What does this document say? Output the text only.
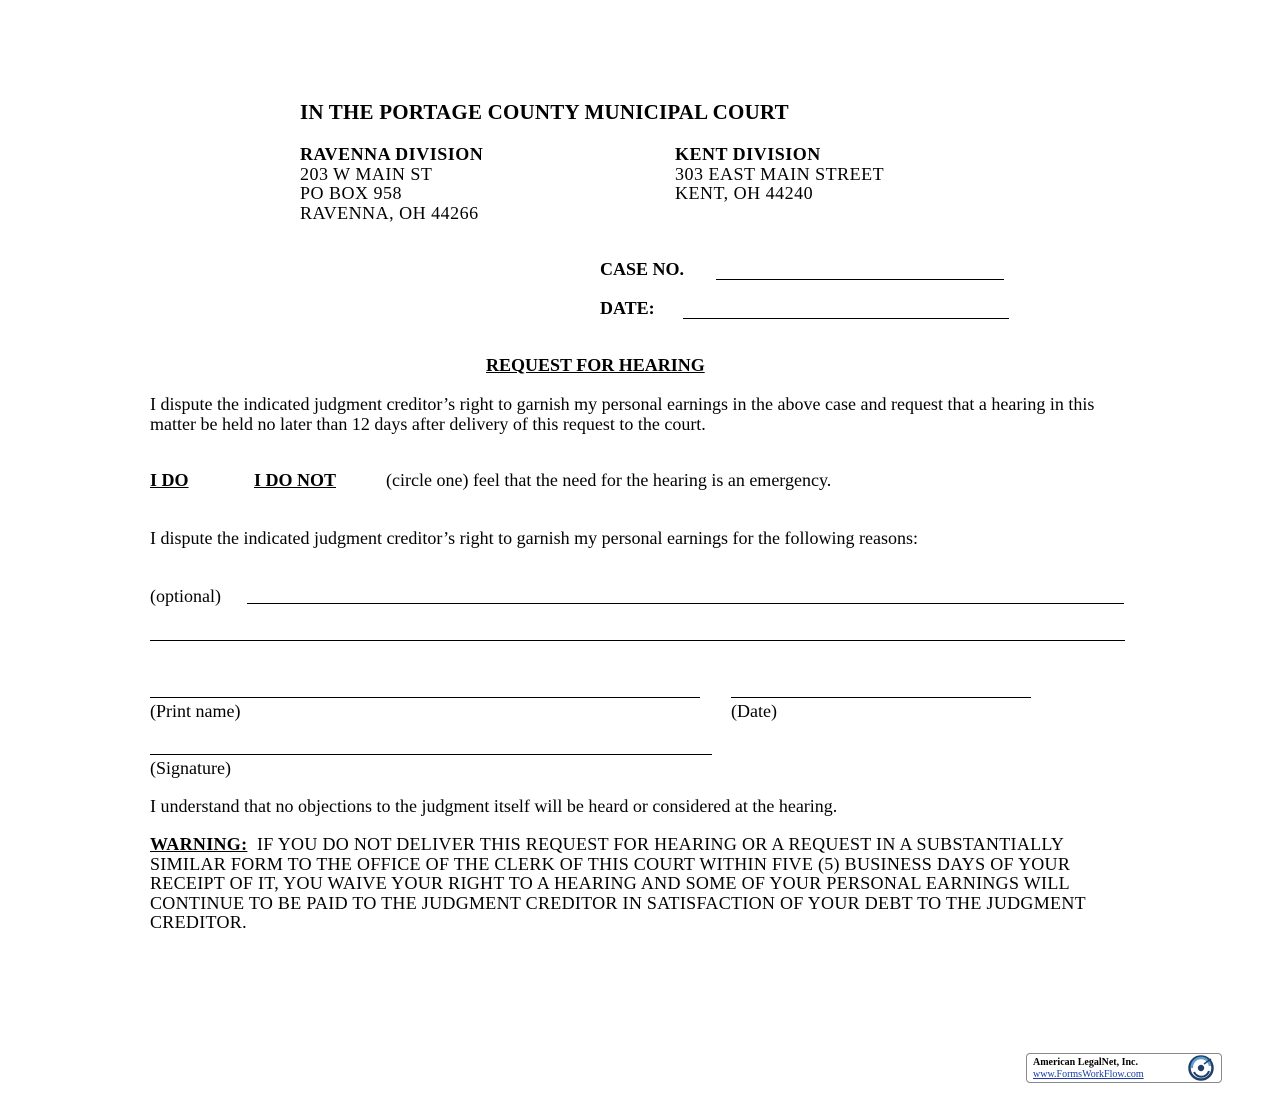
IN THE PORTAGE COUNTY MUNICIPAL COURT
RAVENNA DIVISION
203 W MAIN ST
PO BOX 958
RAVENNA, OH 44266
KENT DIVISION
303 EAST MAIN STREET
KENT, OH 44240
CASE NO.
DATE:
REQUEST FOR HEARING
I dispute the indicated judgment creditor’s right to garnish my personal earnings in the above case and request that a hearing in this matter be held no later than 12 days after delivery of this request to the court.
I DO	I DO NOT	(circle one) feel that the need for the hearing is an emergency.
I dispute the indicated judgment creditor’s right to garnish my personal earnings for the following reasons:
(optional)
(Print name)	(Date)
(Signature)
I understand that no objections to the judgment itself will be heard or considered at the hearing.
WARNING: IF YOU DO NOT DELIVER THIS REQUEST FOR HEARING OR A REQUEST IN A SUBSTANTIALLY SIMILAR FORM TO THE OFFICE OF THE CLERK OF THIS COURT WITHIN FIVE (5) BUSINESS DAYS OF YOUR RECEIPT OF IT, YOU WAIVE YOUR RIGHT TO A HEARING AND SOME OF YOUR PERSONAL EARNINGS WILL CONTINUE TO BE PAID TO THE JUDGMENT CREDITOR IN SATISFACTION OF YOUR DEBT TO THE JUDGMENT CREDITOR.
American LegalNet, Inc.
www.FormsWorkFlow.com
